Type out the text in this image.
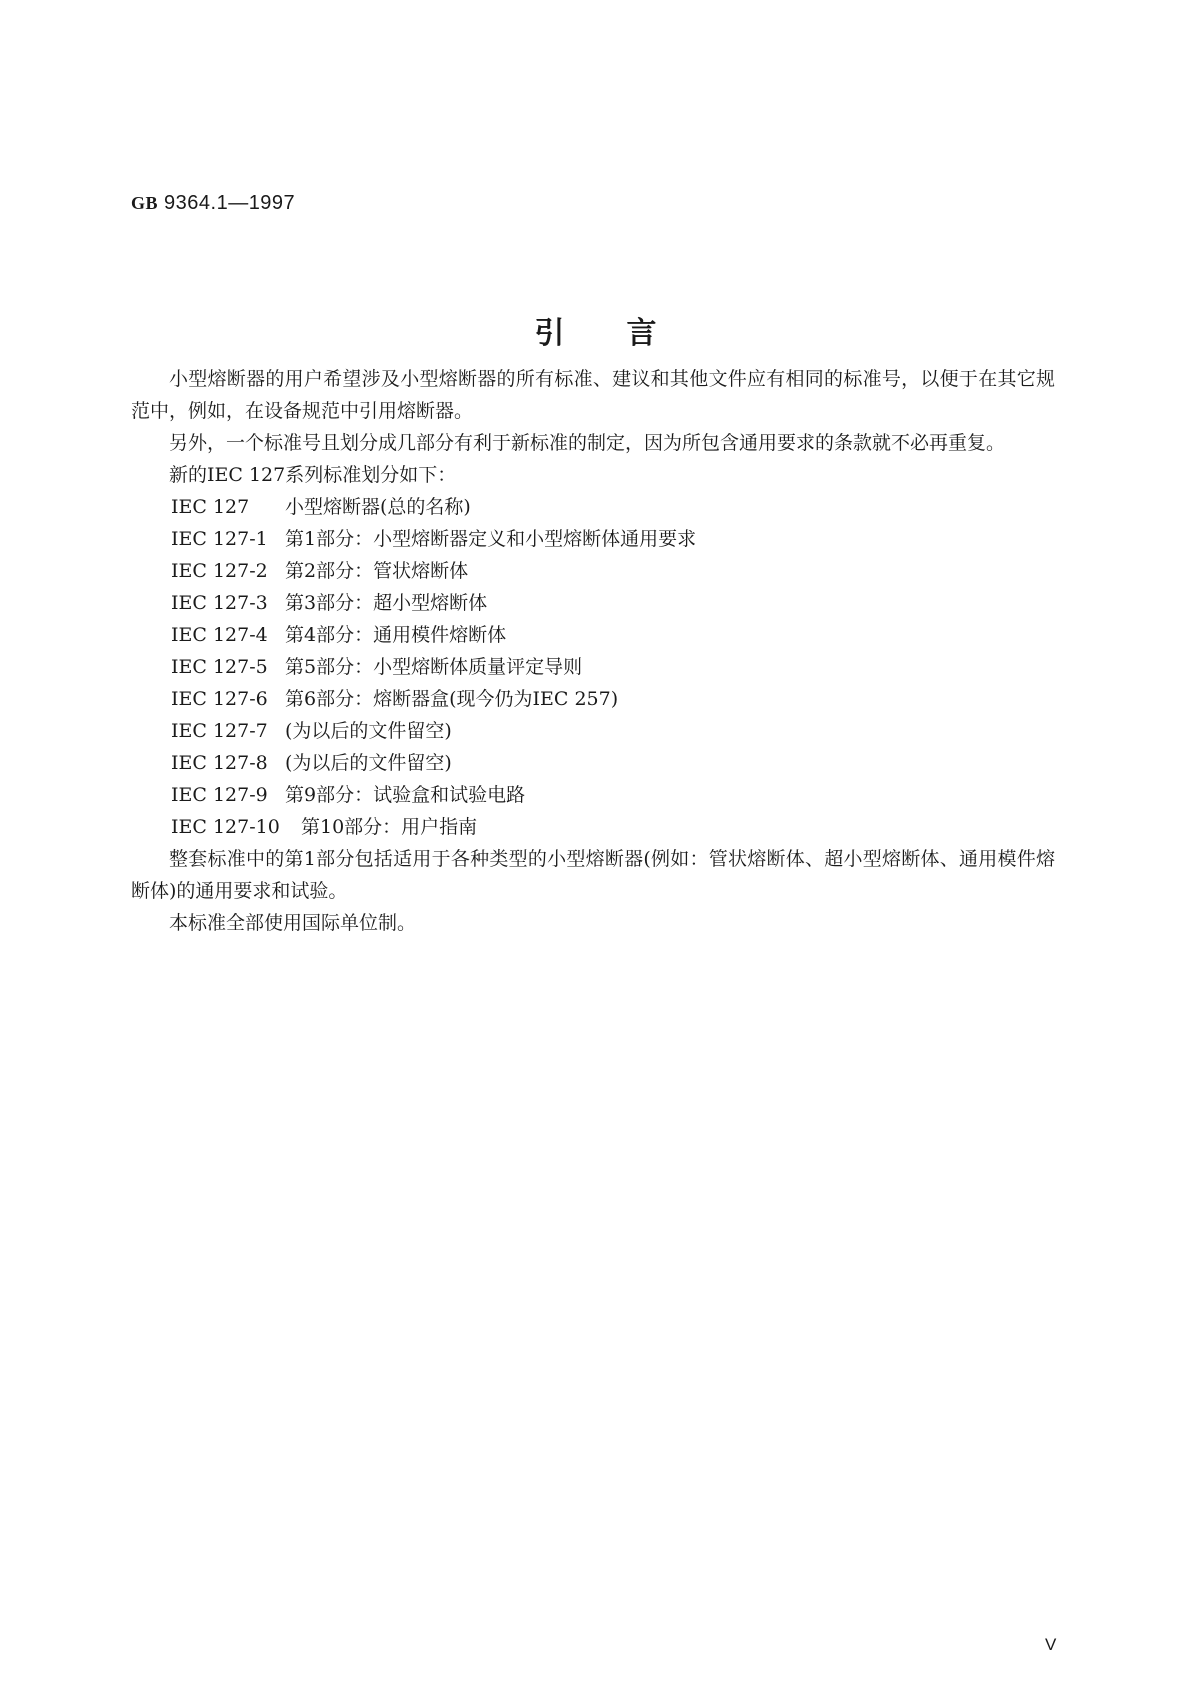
GB 9364.1—1997
引言

小型熔断器的用户希望涉及小型熔断器的所有标准、建议和其他文件应有相同的标准号，以便于在其它规范中，例如，在设备规范中引用熔断器。

另外，一个标准号且划分成几部分有利于新标准的制定，因为所包含通用要求的条款就不必再重复。

新的IEC 127系列标准划分如下：

IEC 127 小型熔断器(总的名称)
IEC 127-1 第1部分：小型熔断器定义和小型熔断体通用要求
IEC 127-2 第2部分：管状熔断体
IEC 127-3 第3部分：超小型熔断体
IEC 127-4 第4部分：通用模件熔断体
IEC 127-5 第5部分：小型熔断体质量评定导则
IEC 127-6 第6部分：熔断器盒(现今仍为IEC 257)
IEC 127-7 (为以后的文件留空)
IEC 127-8 (为以后的文件留空)
IEC 127-9 第9部分：试验盒和试验电路
IEC 127-10 第10部分：用户指南

整套标准中的第1部分包括适用于各种类型的小型熔断器(例如：管状熔断体、超小型熔断体、通用模件熔断体)的通用要求和试验。

本标准全部使用国际单位制。

V
